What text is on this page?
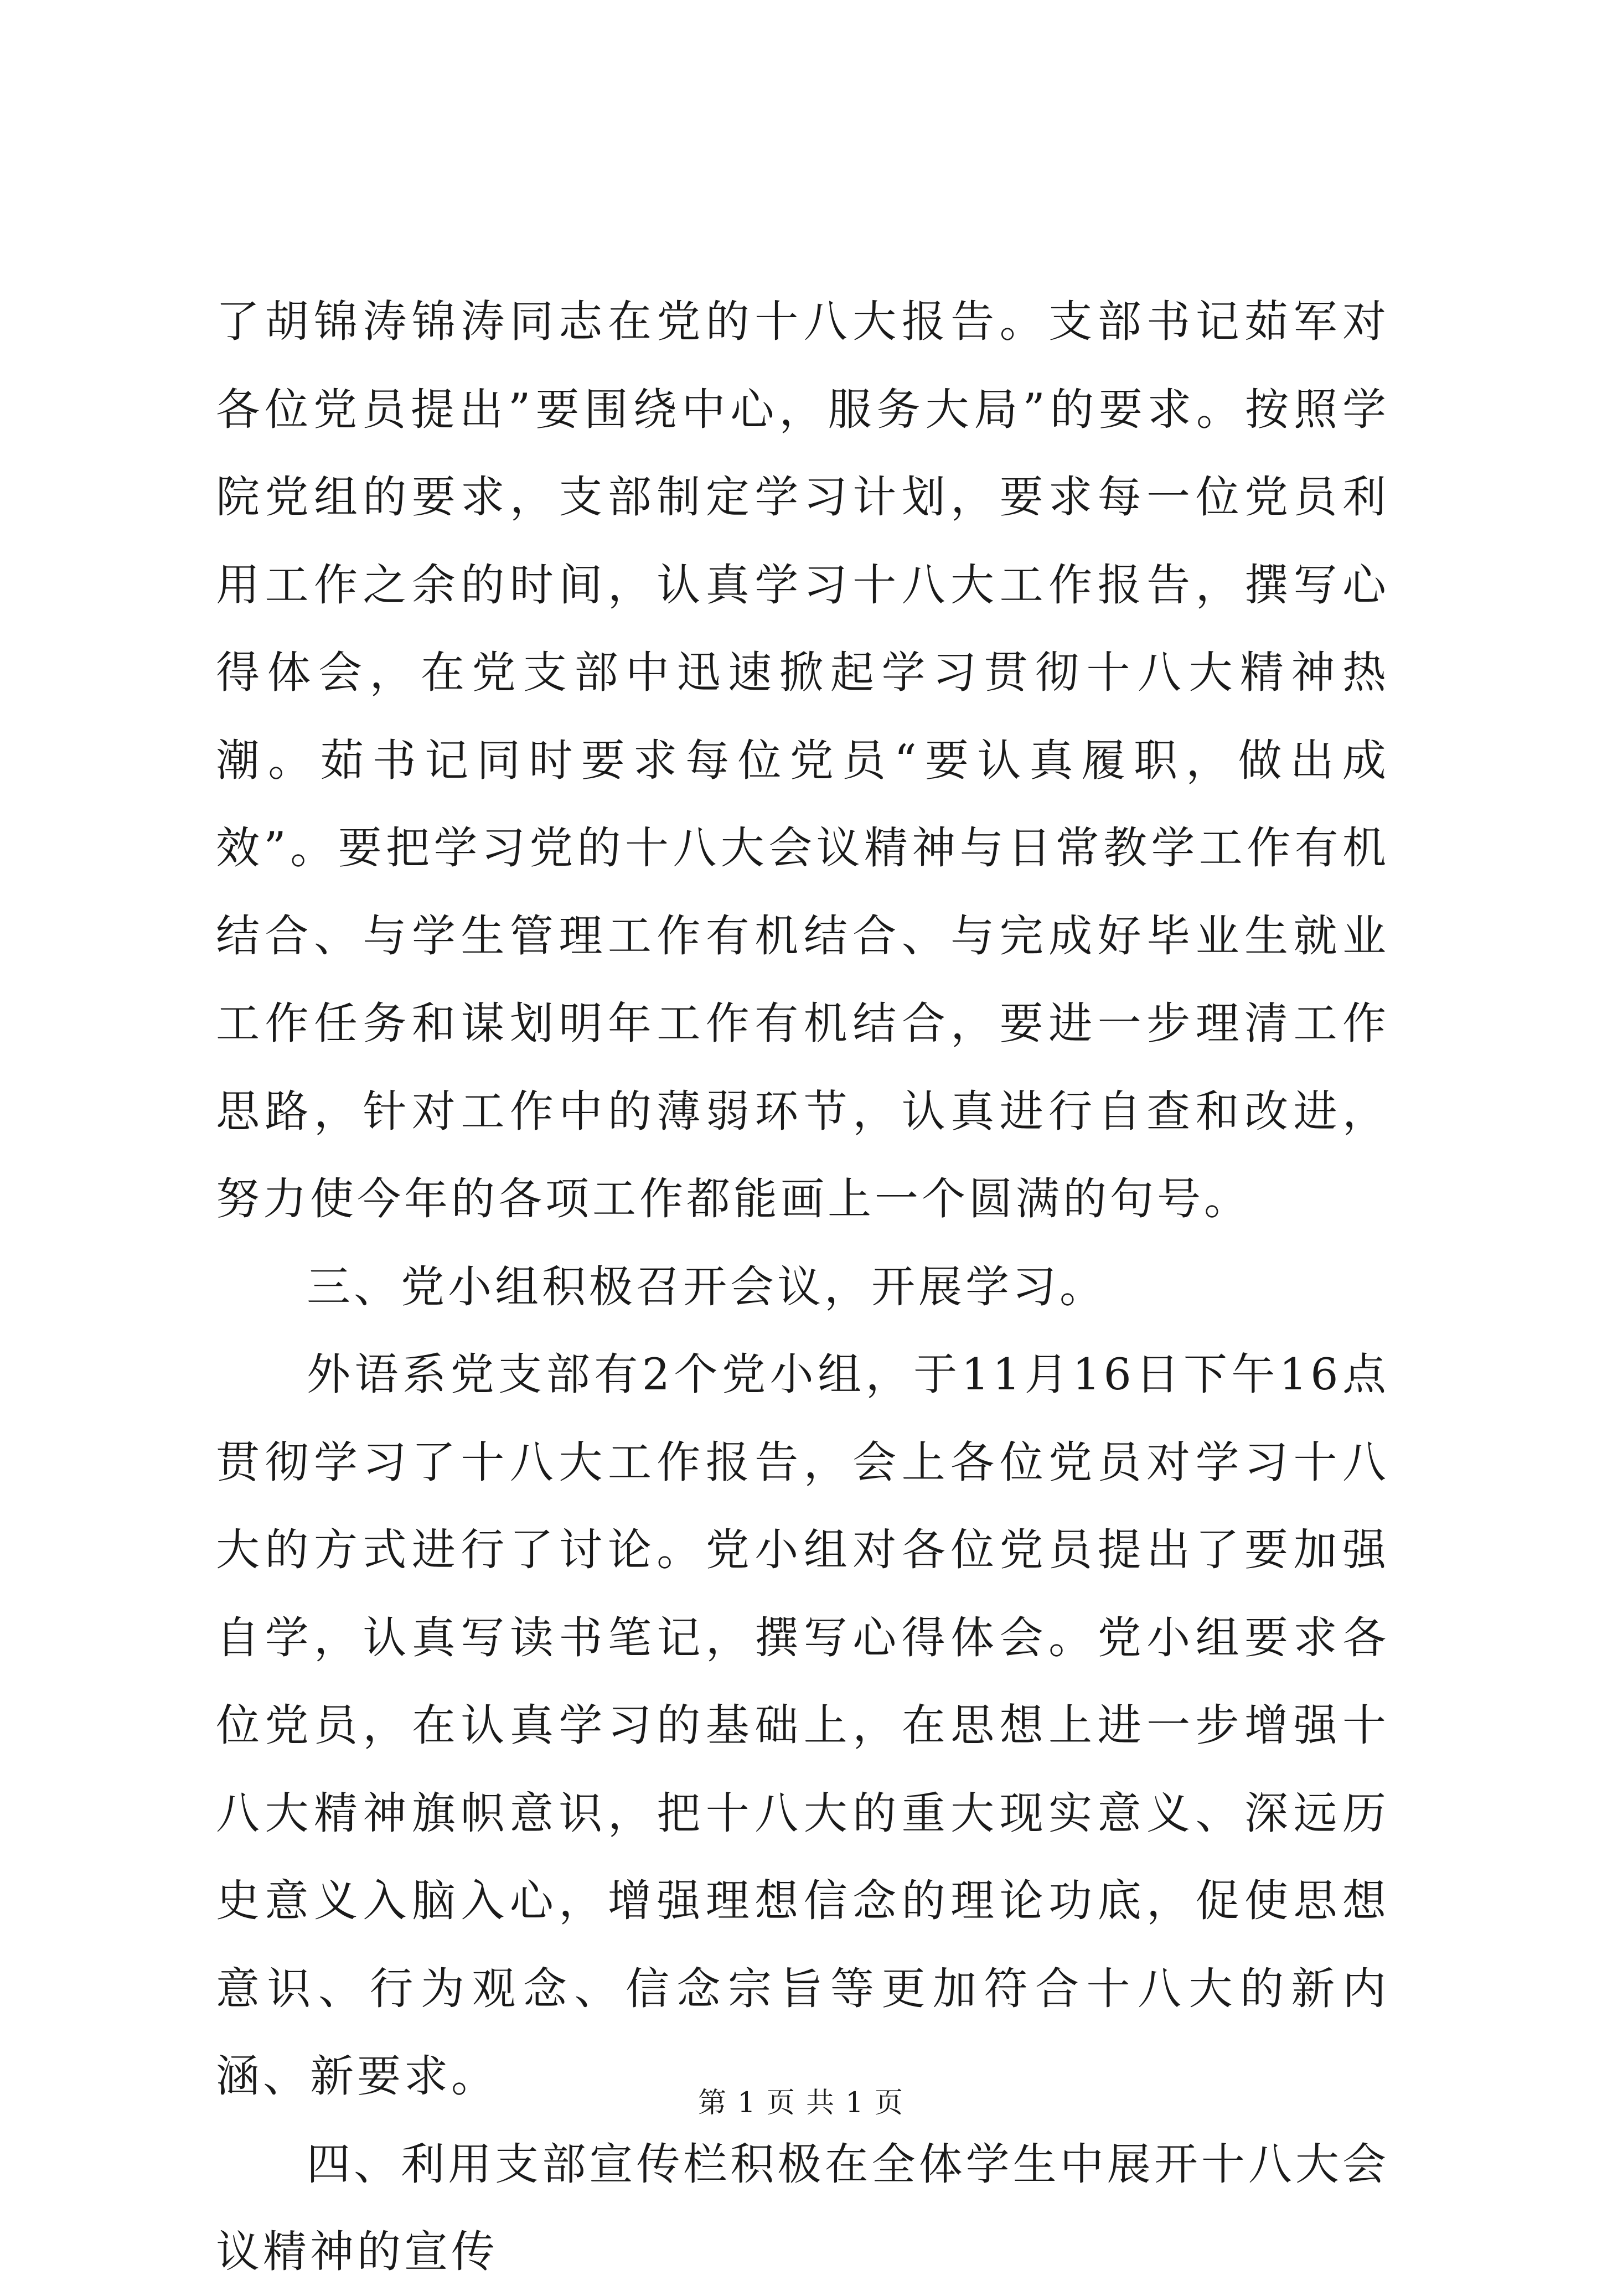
了胡锦涛锦涛同志在党的十八大报告。支部书记茹军对各位党员提出”要围绕中心，服务大局”的要求。按照学院党组的要求，支部制定学习计划，要求每一位党员利用工作之余的时间，认真学习十八大工作报告，撰写心得体会，在党支部中迅速掀起学习贯彻十八大精神热潮。茹书记同时要求每位党员“要认真履职，做出成效”。要把学习党的十八大会议精神与日常教学工作有机结合、与学生管理工作有机结合、与完成好毕业生就业工作任务和谋划明年工作有机结合，要进一步理清工作思路，针对工作中的薄弱环节，认真进行自查和改进，努力使今年的各项工作都能画上一个圆满的句号。

三、党小组积极召开会议，开展学习。

外语系党支部有2个党小组，于11月16日下午16点贯彻学习了十八大工作报告，会上各位党员对学习十八大的方式进行了讨论。党小组对各位党员提出了要加强自学，认真写读书笔记，撰写心得体会。党小组要求各位党员，在认真学习的基础上，在思想上进一步增强十八大精神旗帜意识，把十八大的重大现实意义、深远历史意义入脑入心，增强理想信念的理论功底，促使思想意识、行为观念、信念宗旨等更加符合十八大的新内涵、新要求。

四、利用支部宣传栏积极在全体学生中展开十八大会议精神的宣传

第 1 页 共 1 页
